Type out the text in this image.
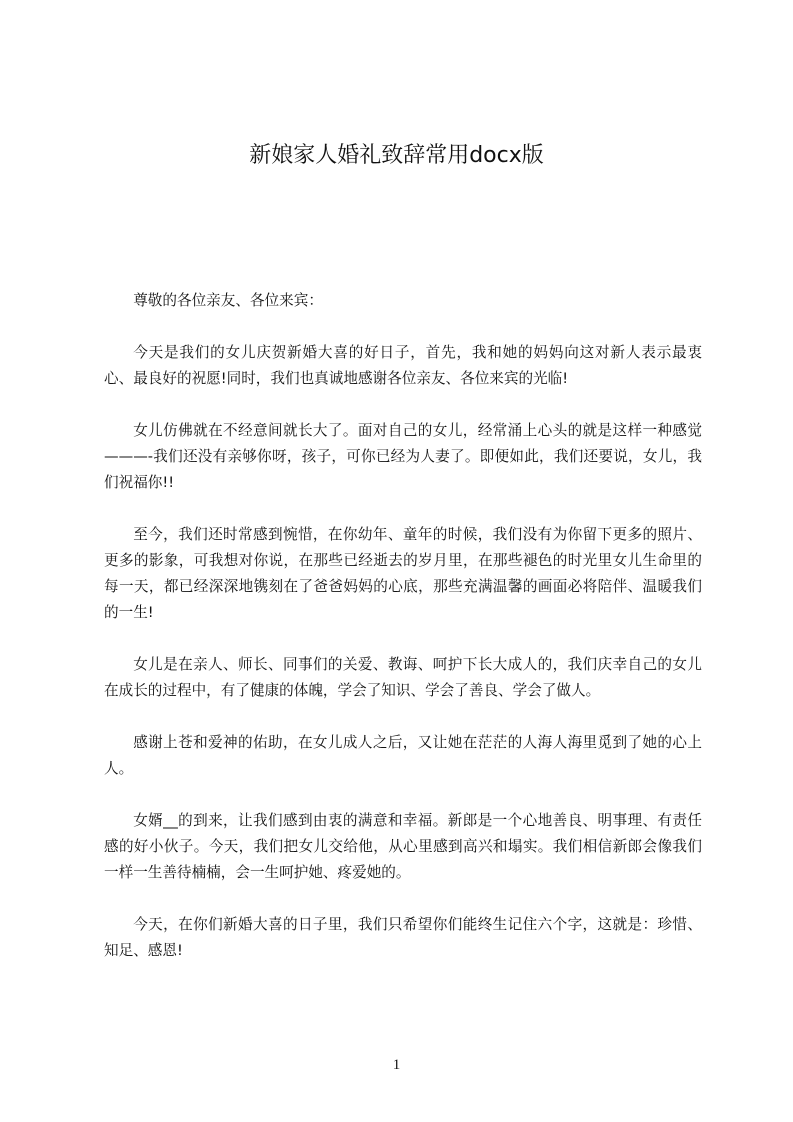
新娘家人婚礼致辞常用docx版

尊敬的各位亲友、各位来宾：

今天是我们的女儿庆贺新婚大喜的好日子，首先，我和她的妈妈向这对新人表示最衷心、最良好的祝愿!同时，我们也真诚地感谢各位亲友、各位来宾的光临!

女儿仿佛就在不经意间就长大了。面对自己的女儿，经常涌上心头的就是这样一种感觉———-我们还没有亲够你呀，孩子，可你已经为人妻了。即便如此，我们还要说，女儿，我们祝福你!!

至今，我们还时常感到惋惜，在你幼年、童年的时候，我们没有为你留下更多的照片、更多的影象，可我想对你说，在那些已经逝去的岁月里，在那些褪色的时光里女儿生命里的每一天，都已经深深地镌刻在了爸爸妈妈的心底，那些充满温馨的画面必将陪伴、温暖我们的一生!

女儿是在亲人、师长、同事们的关爱、教诲、呵护下长大成人的，我们庆幸自己的女儿在成长的过程中，有了健康的体魄，学会了知识、学会了善良、学会了做人。

感谢上苍和爱神的佑助，在女儿成人之后，又让她在茫茫的人海人海里觅到了她的心上人。

女婿__的到来，让我们感到由衷的满意和幸福。新郎是一个心地善良、明事理、有责任感的好小伙子。今天，我们把女儿交给他，从心里感到高兴和塌实。我们相信新郎会像我们一样一生善待楠楠，会一生呵护她、疼爱她的。

今天，在你们新婚大喜的日子里，我们只希望你们能终生记住六个字，这就是：珍惜、知足、感恩!

1
